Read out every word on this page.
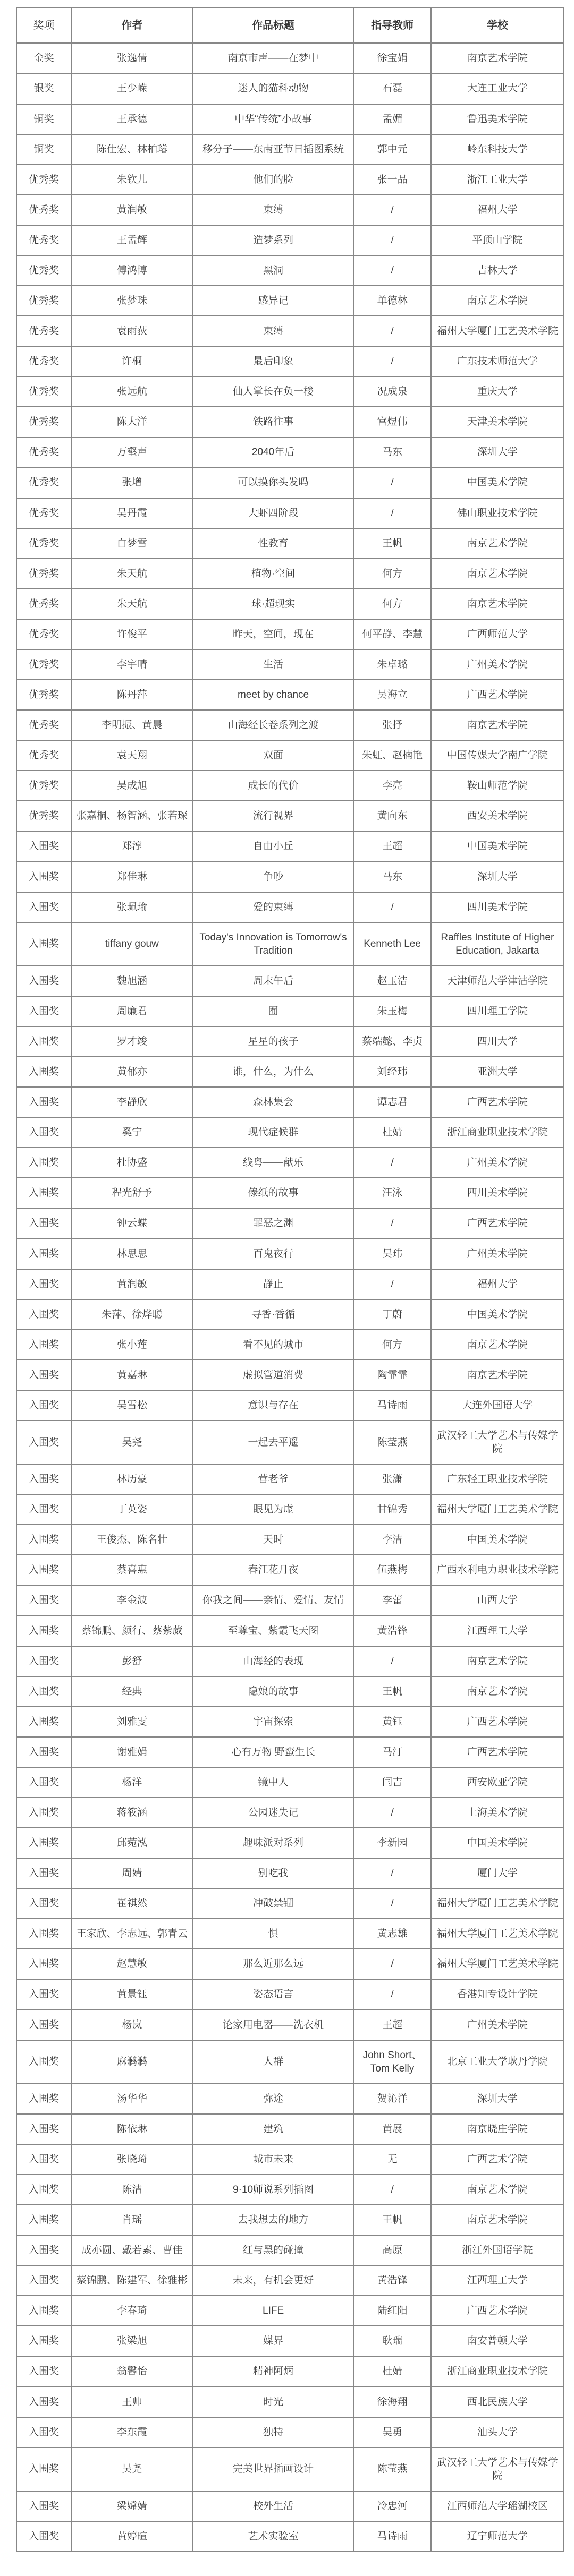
奖项	作者	作品标题	指导教师	学校
金奖	张逸倩	南京市声——在梦中	徐宝娟	南京艺术学院
银奖	王少嵘	迷人的猫科动物	石磊	大连工业大学
铜奖	王承德	中华“传统”小故事	孟媚	鲁迅美术学院
铜奖	陈仕宏、林柏璿	移分子——东南亚节日插图系统	郭中元	岭东科技大学
优秀奖	朱钦儿	他们的脸	张一品	浙江工业大学
优秀奖	黄润敏	束缚	/	福州大学
优秀奖	王孟辉	造梦系列	/	平顶山学院
优秀奖	傅鸿博	黑洞	/	吉林大学
优秀奖	张梦珠	感异记	单德林	南京艺术学院
优秀奖	袁雨荻	束缚	/	福州大学厦门工艺美术学院
优秀奖	许桐	最后印象	/	广东技术师范大学
优秀奖	张远航	仙人掌长在负一楼	况成泉	重庆大学
优秀奖	陈大洋	铁路往事	宫煜伟	天津美术学院
优秀奖	万壑声	2040年后	马东	深圳大学
优秀奖	张增	可以摸你头发吗	/	中国美术学院
优秀奖	吴丹霞	大虾四阶段	/	佛山职业技术学院
优秀奖	白梦雪	性教育	王帆	南京艺术学院
优秀奖	朱天航	植物·空间	何方	南京艺术学院
优秀奖	朱天航	球·超现实	何方	南京艺术学院
优秀奖	许俊平	昨天，空间，现在	何平静、李慧	广西师范大学
优秀奖	李宇晴	生活	朱卓璐	广州美术学院
优秀奖	陈丹萍	meet by chance	吴海立	广西艺术学院
优秀奖	李明振、黄晨	山海经长卷系列之渡	张抒	南京艺术学院
优秀奖	袁天翔	双面	朱虹、赵楠艳	中国传媒大学南广学院
优秀奖	吴成旭	成长的代价	李亮	鞍山师范学院
优秀奖	张嘉桐、杨智涵、张若琛	流行视界	黄向东	西安美术学院
入围奖	郑淳	自由小丘	王超	中国美术学院
入围奖	郑佳琳	争吵	马东	深圳大学
入围奖	张珮瑜	爱的束缚	/	四川美术学院
入围奖	tiffany gouw	Today's Innovation is Tomorrow's Tradition	Kenneth Lee	Raffles Institute of Higher Education, Jakarta
入围奖	魏旭涵	周末午后	赵玉洁	天津师范大学津沽学院
入围奖	周廉君	囿	朱玉梅	四川理工学院
入围奖	罗才竣	星星的孩子	蔡端懿、李贞	四川大学
入围奖	黄郁亦	谁，什么，为什么	刘经玮	亚洲大学
入围奖	李静欣	森林集会	谭志君	广西艺术学院
入围奖	奚宁	现代症候群	杜婧	浙江商业职业技术学院
入围奖	杜协盛	线粤——献乐	/	广州美术学院
入围奖	程光舒予	傣纸的故事	汪泳	四川美术学院
入围奖	钟云蝶	罪恶之渊	/	广西艺术学院
入围奖	林思思	百鬼夜行	吴玮	广州美术学院
入围奖	黄润敏	静止	/	福州大学
入围奖	朱萍、徐烨聪	寻香·香循	丁蔚	中国美术学院
入围奖	张小莲	看不见的城市	何方	南京艺术学院
入围奖	黄嘉琳	虚拟管道消费	陶霏霏	南京艺术学院
入围奖	吴雪松	意识与存在	马诗雨	大连外国语大学
入围奖	吴尧	一起去平遥	陈莹燕	武汉轻工大学艺术与传媒学院
入围奖	林历豪	营老爷	张潇	广东轻工职业技术学院
入围奖	丁英姿	眼见为虚	甘锦秀	福州大学厦门工艺美术学院
入围奖	王俊杰、陈名壮	天时	李洁	中国美术学院
入围奖	蔡喜惠	春江花月夜	伍燕梅	广西水利电力职业技术学院
入围奖	李金波	你我之间——亲情、爱情、友情	李蕾	山西大学
入围奖	蔡锦鹏、颜行、蔡紫葳	至尊宝、紫霞飞天图	黄浩锋	江西理工大学
入围奖	彭舒	山海经的表现	/	南京艺术学院
入围奖	经典	隐娘的故事	王帆	南京艺术学院
入围奖	刘雅雯	宇宙探索	黄钰	广西艺术学院
入围奖	谢雅娟	心有万物 野蛮生长	马汀	广西艺术学院
入围奖	杨洋	镜中人	闫吉	西安欧亚学院
入围奖	蒋筱涵	公园迷失记	/	上海美术学院
入围奖	邱菀泓	趣味派对系列	李新园	中国美术学院
入围奖	周婧	别吃我	/	厦门大学
入围奖	崔祺然	冲破禁锢	/	福州大学厦门工艺美术学院
入围奖	王家欣、李志远、郭青云	惧	黄志雄	福州大学厦门工艺美术学院
入围奖	赵慧敏	那么近那么远	/	福州大学厦门工艺美术学院
入围奖	黄景钰	姿态语言	/	香港知专设计学院
入围奖	杨岚	论家用电器——洗衣机	王超	广州美术学院
入围奖	麻鹣鹣	人群	John Short、Tom Kelly	北京工业大学耿丹学院
入围奖	汤华华	弥途	贺沁洋	深圳大学
入围奖	陈依琳	建筑	黄展	南京晓庄学院
入围奖	张晓琦	城市未来	无	广西艺术学院
入围奖	陈洁	9·10师说系列插图	/	南京艺术学院
入围奖	肖瑶	去我想去的地方	王帆	南京艺术学院
入围奖	成亦圆、戴若素、曹佳	红与黑的碰撞	高原	浙江外国语学院
入围奖	蔡锦鹏、陈建军、徐雅彬	未来，有机会更好	黄浩锋	江西理工大学
入围奖	李春琦	LIFE	陆红阳	广西艺术学院
入围奖	张梁旭	媒界	耿瑞	南安普顿大学
入围奖	翁馨怡	精神阿炳	杜婧	浙江商业职业技术学院
入围奖	王帅	时光	徐海翔	西北民族大学
入围奖	李东霞	独特	吴勇	汕头大学
入围奖	吴尧	完美世界插画设计	陈莹燕	武汉轻工大学艺术与传媒学院
入围奖	梁嫦婧	校外生活	冷忠河	江西师范大学瑶湖校区
入围奖	黄婷暄	艺术实验室	马诗雨	辽宁师范大学
